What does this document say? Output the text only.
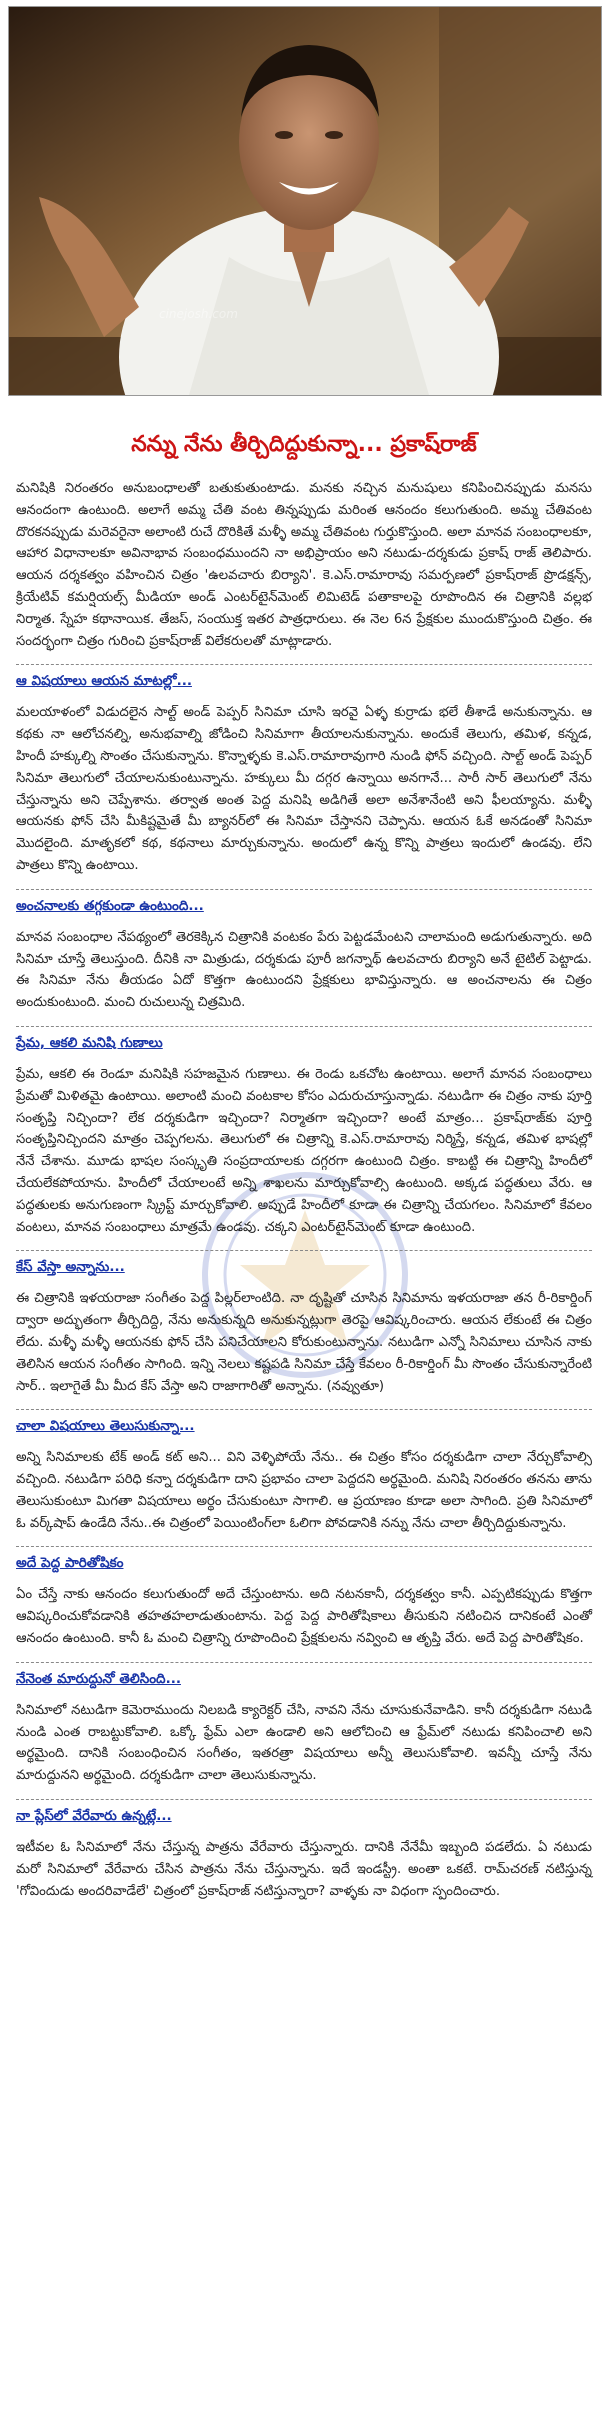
cinejosh.com
నన్ను నేను తీర్చిదిద్దుకున్నా... ప్రకాష్‌రాజ్

మనిషికి నిరంతరం అనుబంధాలతో బతుకుతుంటాడు. మనకు నచ్చిన మనుషులు కనిపించినప్పుడు మనసు ఆనందంగా ఉంటుంది. అలాగే అమ్మ చేతి వంట తిన్నప్పుడు మరింత ఆనందం కలుగుతుంది. అమ్మ చేతివంట దొరకనప్పుడు మరెవరైనా అలాంటి రుచే దొరికితే మళ్ళీ అమ్మ చేతివంట గుర్తుకొస్తుంది. అలా మానవ సంబంధాలకూ, ఆహార విధానాలకూ అవినాభావ సంబంధముందని నా అభిప్రాయం అని నటుడు-దర్శకుడు ప్రకాష్ రాజ్ తెలిపారు. ఆయన దర్శకత్వం వహించిన చిత్రం 'ఉలవచారు బిర్యాని'. కె.ఎస్.రామారావు సమర్పణలో ప్రకాష్‌రాజ్ ప్రొడక్షన్స్, క్రియేటివ్ కమర్షియల్స్ మీడియా అండ్ ఎంటర్‌టైన్‌మెంట్ లిమిటెడ్ పతాకాలపై రూపొందిన ఈ చిత్రానికి వల్లభ నిర్మాత. స్నేహ కథానాయిక. తేజస్, సంయుక్త ఇతర పాత్రధారులు. ఈ నెల 6న ప్రేక్షకుల ముందుకొస్తుంది చిత్రం. ఈ సందర్భంగా చిత్రం గురించి ప్రకాష్‌రాజ్ విలేకరులతో మాట్లాడారు.

ఆ విషయాలు ఆయన మాటల్లో...

మలయాళంలో విడుదలైన సాల్ట్ అండ్ పెప్పర్ సినిమా చూసి ఇరవై ఏళ్ళ కుర్రాడు భలే తీశాడే అనుకున్నాను. ఆ కథకు నా ఆలోచనల్ని, అనుభవాల్ని జోడించి సినిమాగా తీయాలనుకున్నాను. అందుకే తెలుగు, తమిళ, కన్నడ, హిందీ హక్కుల్ని సొంతం చేసుకున్నాను. కొన్నాళ్ళకు కె.ఎస్.రామారావుగారి నుండి ఫోన్ వచ్చింది. సాల్ట్ అండ్ పెప్పర్ సినిమా తెలుగులో చేయాలనుకుంటున్నాను. హక్కులు మీ దగ్గర ఉన్నాయి అనగానే... సారీ సార్ తెలుగులో నేను చేస్తున్నాను అని చెప్పేశాను. తర్వాత అంత పెద్ద మనిషి అడిగితే అలా అనేశానేంటి అని ఫీలయ్యాను. మళ్ళీ ఆయనకు ఫోన్ చేసి మీకిష్టమైతే మీ బ్యానర్‌లో ఈ సినిమా చేస్తానని చెప్పాను. ఆయన ఓకే అనడంతో సినిమా మొదలైంది. మాతృకలో కథ, కథనాలు మార్చుకున్నాను. అందులో ఉన్న కొన్ని పాత్రలు ఇందులో ఉండవు. లేని పాత్రలు కొన్ని ఉంటాయి.

అంచనాలకు తగ్గకుండా ఉంటుంది...

మానవ సంబంధాల నేపథ్యంలో తెరకెక్కిన చిత్రానికి వంటకం పేరు పెట్టడమేంటని చాలామంది అడుగుతున్నారు. అది సినిమా చూస్తే తెలుస్తుంది. దీనికి నా మిత్రుడు, దర్శకుడు పూరీ జగన్నాథ్ ఉలవచారు బిర్యాని అనే టైటిల్ పెట్టాడు. ఈ సినిమా నేను తీయడం ఏదో కొత్తగా ఉంటుందని ప్రేక్షకులు భావిస్తున్నారు. ఆ అంచనాలను ఈ చిత్రం అందుకుంటుంది. మంచి రుచులున్న చిత్రమిది.

ప్రేమ, ఆకలి మనిషి గుణాలు

ప్రేమ, ఆకలి ఈ రెండూ మనిషికి సహజమైన గుణాలు. ఈ రెండు ఒకచోట ఉంటాయి. అలాగే మానవ సంబంధాలు ప్రేమతో మిళితమై ఉంటాయి. అలాంటి మంచి వంటకాల కోసం ఎదురుచూస్తున్నాడు. నటుడిగా ఈ చిత్రం నాకు పూర్తి సంతృప్తి నిచ్చిందా? లేక దర్శకుడిగా ఇచ్చిందా? నిర్మాతగా ఇచ్చిందా? అంటే మాత్రం... ప్రకాష్‌రాజ్‌కు పూర్తి సంతృప్తినిచ్చిందని మాత్రం చెప్పగలను. తెలుగులో ఈ చిత్రాన్ని కె.ఎస్.రామారావు నిర్మిస్తే, కన్నడ, తమిళ భాషల్లో నేనే చేశాను. మూడు భాషల సంస్కృతి సంప్రదాయాలకు దగ్గరగా ఉంటుంది చిత్రం. కాబట్టి ఈ చిత్రాన్ని హిందీలో చేయలేకపోయాను. హిందీలో చేయాలంటే అన్ని శాఖలను మార్చుకోవాల్సి ఉంటుంది. అక్కడ పద్ధతులు వేరు. ఆ పద్ధతులకు అనుగుణంగా స్క్రిప్ట్ మార్చుకోవాలి. అప్పుడే హిందీలో కూడా ఈ చిత్రాన్ని చేయగలం. సినిమాలో కేవలం వంటలు, మానవ సంబంధాలు మాత్రమే ఉండవు. చక్కని ఎంటర్‌టైన్‌మెంట్ కూడా ఉంటుంది.

కేస్ వేస్తా అన్నాను...

ఈ చిత్రానికి ఇళయరాజా సంగీతం పెద్ద పిల్లర్‌లాంటిది. నా దృష్టితో చూసిన సినిమాను ఇళయరాజా తన రీ-రికార్డింగ్ ద్వారా అద్భుతంగా తీర్చిదిద్ది, నేను అనుకున్నది అనుకున్నట్లుగా తెరపై ఆవిష్కరించారు. ఆయన లేకుంటే ఈ చిత్రం లేదు. మళ్ళీ మళ్ళీ ఆయనకు ఫోన్ చేసి పనిచేయాలని కోరుకుంటున్నాను. నటుడిగా ఎన్నో సినిమాలు చూసిన నాకు తెలిసిన ఆయన సంగీతం సాగింది. ఇన్ని నెలలు కష్టపడి సినిమా చేస్తే కేవలం రీ-రికార్డింగ్ మీ సొంతం చేసుకున్నారేంటి సార్.. ఇలాగైతే మీ మీద కేస్ వేస్తా అని రాజాగారితో అన్నాను. (నవ్వుతూ)

చాలా విషయాలు తెలుసుకున్నా...

అన్ని సినిమాలకు టేక్ అండ్ కట్ అని... విని వెళ్ళిపోయే నేను.. ఈ చిత్రం కోసం దర్శకుడిగా చాలా నేర్చుకోవాల్సి వచ్చింది. నటుడిగా పరిధి కన్నా దర్శకుడిగా దాని ప్రభావం చాలా పెద్దదని అర్థమైంది. మనిషి నిరంతరం తనను తాను తెలుసుకుంటూ మిగతా విషయాలు అర్థం చేసుకుంటూ సాగాలి. ఆ ప్రయాణం కూడా అలా సాగింది. ప్రతి సినిమాలో ఓ వర్క్‌షాప్ ఉండేది నేను..ఈ చిత్రంలో పెయింటింగ్‌లా ఓలిగా పోవడానికి నన్ను నేను చాలా తీర్చిదిద్దుకున్నాను.

అదే పెద్ద పారితోషికం

ఏం చేస్తే నాకు ఆనందం కలుగుతుందో అదే చేస్తుంటాను. అది నటనకానీ, దర్శకత్వం కానీ. ఎప్పటికప్పుడు కొత్తగా ఆవిష్కరించుకోవడానికి తహతహలాడుతుంటాను. పెద్ద పెద్ద పారితోషికాలు తీసుకుని నటించిన దానికంటే ఎంతో ఆనందం ఉంటుంది. కానీ ఓ మంచి చిత్రాన్ని రూపొందించి ప్రేక్షకులను నవ్వించి ఆ తృప్తి వేరు. అదే పెద్ద పారితోషికం.

నేనెంత మారుద్దునో తెలిసింది...

సినిమాలో నటుడిగా కెమెరాముందు నిలబడి క్యారెక్టర్ చేసి, నావని నేను చూసుకునేవాడిని. కానీ దర్శకుడిగా నటుడి నుండి ఎంత రాబట్టుకోవాలి. ఒక్కో ఫ్రేమ్ ఎలా ఉండాలి అని ఆలోచించి ఆ ఫ్రేమ్‌లో నటుడు కనిపించాలి అని అర్థమైంది. దానికి సంబంధించిన సంగీతం, ఇతరత్రా విషయాలు అన్నీ తెలుసుకోవాలి. ఇవన్నీ చూస్తే నేను మారుద్దునని అర్థమైంది. దర్శకుడిగా చాలా తెలుసుకున్నాను.

నా ప్లేస్‌లో వేరేవారు ఉన్నట్లే...

ఇటీవల ఓ సినిమాలో నేను చేస్తున్న పాత్రను వేరేవారు చేస్తున్నారు. దానికి నేనేమీ ఇబ్బంది పడలేదు. ఏ నటుడు మరో సినిమాలో వేరేవారు చేసిన పాత్రను నేను చేస్తున్నాను. ఇదే ఇండస్ట్రీ. అంతా ఒకటే. రామ్‌చరణ్ నటిస్తున్న 'గోవిందుడు అందరివాడేలే' చిత్రంలో ప్రకాష్‌రాజ్ నటిస్తున్నారా? వాళ్ళకు నా విధంగా స్పందించారు.
